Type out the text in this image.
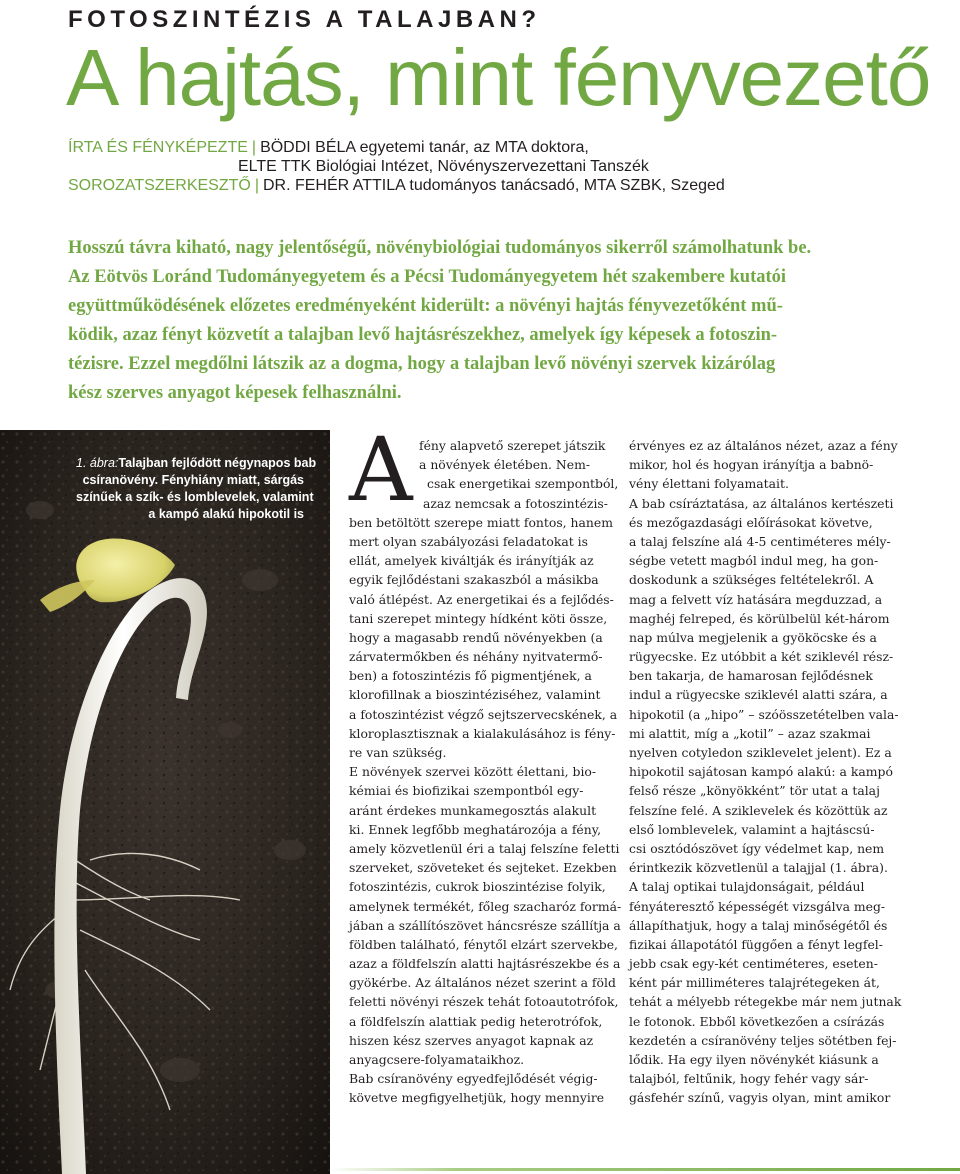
FOTOSZINTÉZIS A TALAJBAN?
A hajtás, mint fényvezető
ÍRTA ÉS FÉNYKÉPEZTE | BÖDDI BÉLA egyetemi tanár, az MTA doktora,
ELTE TTK Biológiai Intézet, Növényszervezettani Tanszék
SOROZATSZERKESZTŐ | DR. FEHÉR ATTILA tudományos tanácsadó, MTA SZBK, Szeged
Hosszú távra kiható, nagy jelentőségű, növénybiológiai tudományos sikerről számolhatunk be.
Az Eötvös Loránd Tudományegyetem és a Pécsi Tudományegyetem hét szakembere kutatói
együttműködésének előzetes eredményeként kiderült: a növényi hajtás fényvezetőként mű-
ködik, azaz fényt közvetít a talajban levő hajtásrészekhez, amelyek így képesek a fotoszin-
tézisre. Ezzel megdőlni látszik az a dogma, hogy a talajban levő növényi szervek kizárólag
kész szerves anyagot képesek felhasználni.
1. ábra:Talajban fejlődött négynapos bab
csíranövény. Fényhiány miatt, sárgás
színűek a szík- és lomblevelek, valamint
a kampó alakú hipokotil is A fény alapvető szerepet játszik
a növények életében. Nem-
csak energetikai szempontból,
azaz nemcsak a fotoszintézis-
ben betöltött szerepe miatt fontos, hanem
mert olyan szabályozási feladatokat is
ellát, amelyek kiváltják és irányítják az
egyik fejlődéstani szakaszból a másikba
való átlépést. Az energetikai és a fejlődés-
tani szerepet mintegy hídként köti össze,
hogy a magasabb rendű növényekben (a
zárvatermőkben és néhány nyitvatermő-
ben) a fotoszintézis fő pigmentjének, a
klorofillnak a bioszintéziséhez, valamint
a fotoszintézist végző sejtszervecskének, a
kloroplasztisznak a kialakulásához is fény-
re van szükség.
E növények szervei között élettani, bio-
kémiai és biofizikai szempontból egy-
aránt érdekes munkamegosztás alakult
ki. Ennek legfőbb meghatározója a fény,
amely közvetlenül éri a talaj felszíne feletti
szerveket, szöveteket és sejteket. Ezekben
fotoszintézis, cukrok bioszintézise folyik,
amelynek termékét, főleg szacharóz formá-
jában a szállítószövet háncsrésze szállítja a
földben található, fénytől elzárt szervekbe,
azaz a földfelszín alatti hajtásrészekbe és a
gyökérbe. Az általános nézet szerint a föld
feletti növényi részek tehát fotoautotrófok,
a földfelszín alattiak pedig heterotrófok,
hiszen kész szerves anyagot kapnak az
anyagcsere-folyamataikhoz.
Bab csíranövény egyedfejlődését végig-
követve megfigyelhetjük, hogy mennyire
érvényes ez az általános nézet, azaz a fény
mikor, hol és hogyan irányítja a babnö-
vény élettani folyamatait.
A bab csíráztatása, az általános kertészeti
és mezőgazdasági előírásokat követve,
a talaj felszíne alá 4-5 centiméteres mély-
ségbe vetett magból indul meg, ha gon-
doskodunk a szükséges feltételekről. A
mag a felvett víz hatására megduzzad, a
maghéj felreped, és körülbelül két-három
nap múlva megjelenik a gyököcske és a
rügyecske. Ez utóbbit a két sziklevél rész-
ben takarja, de hamarosan fejlődésnek
indul a rügyecske sziklevél alatti szára, a
hipokotil (a „hipo” – szóösszetételben vala-
mi alattit, míg a „kotil” – azaz szakmai
nyelven cotyledon sziklevelet jelent). Ez a
hipokotil sajátosan kampó alakú: a kampó
felső része „könyökként” tör utat a talaj
felszíne felé. A sziklevelek és közöttük az
első lomblevelek, valamint a hajtáscsú-
csi osztódószövet így védelmet kap, nem
érintkezik közvetlenül a talajjal (1. ábra).
A talaj optikai tulajdonságait, például
fényáteresztő képességét vizsgálva meg-
állapíthatjuk, hogy a talaj minőségétől és
fizikai állapotától függően a fényt legfel-
jebb csak egy-két centiméteres, eseten-
ként pár milliméteres talajrétegeken át,
tehát a mélyebb rétegekbe már nem jutnak
le fotonok. Ebből következően a csírázás
kezdetén a csíranövény teljes sötétben fej-
lődik. Ha egy ilyen növénykét kiásunk a
talajból, feltűnik, hogy fehér vagy sár-
gásfehér színű, vagyis olyan, mint amikor
